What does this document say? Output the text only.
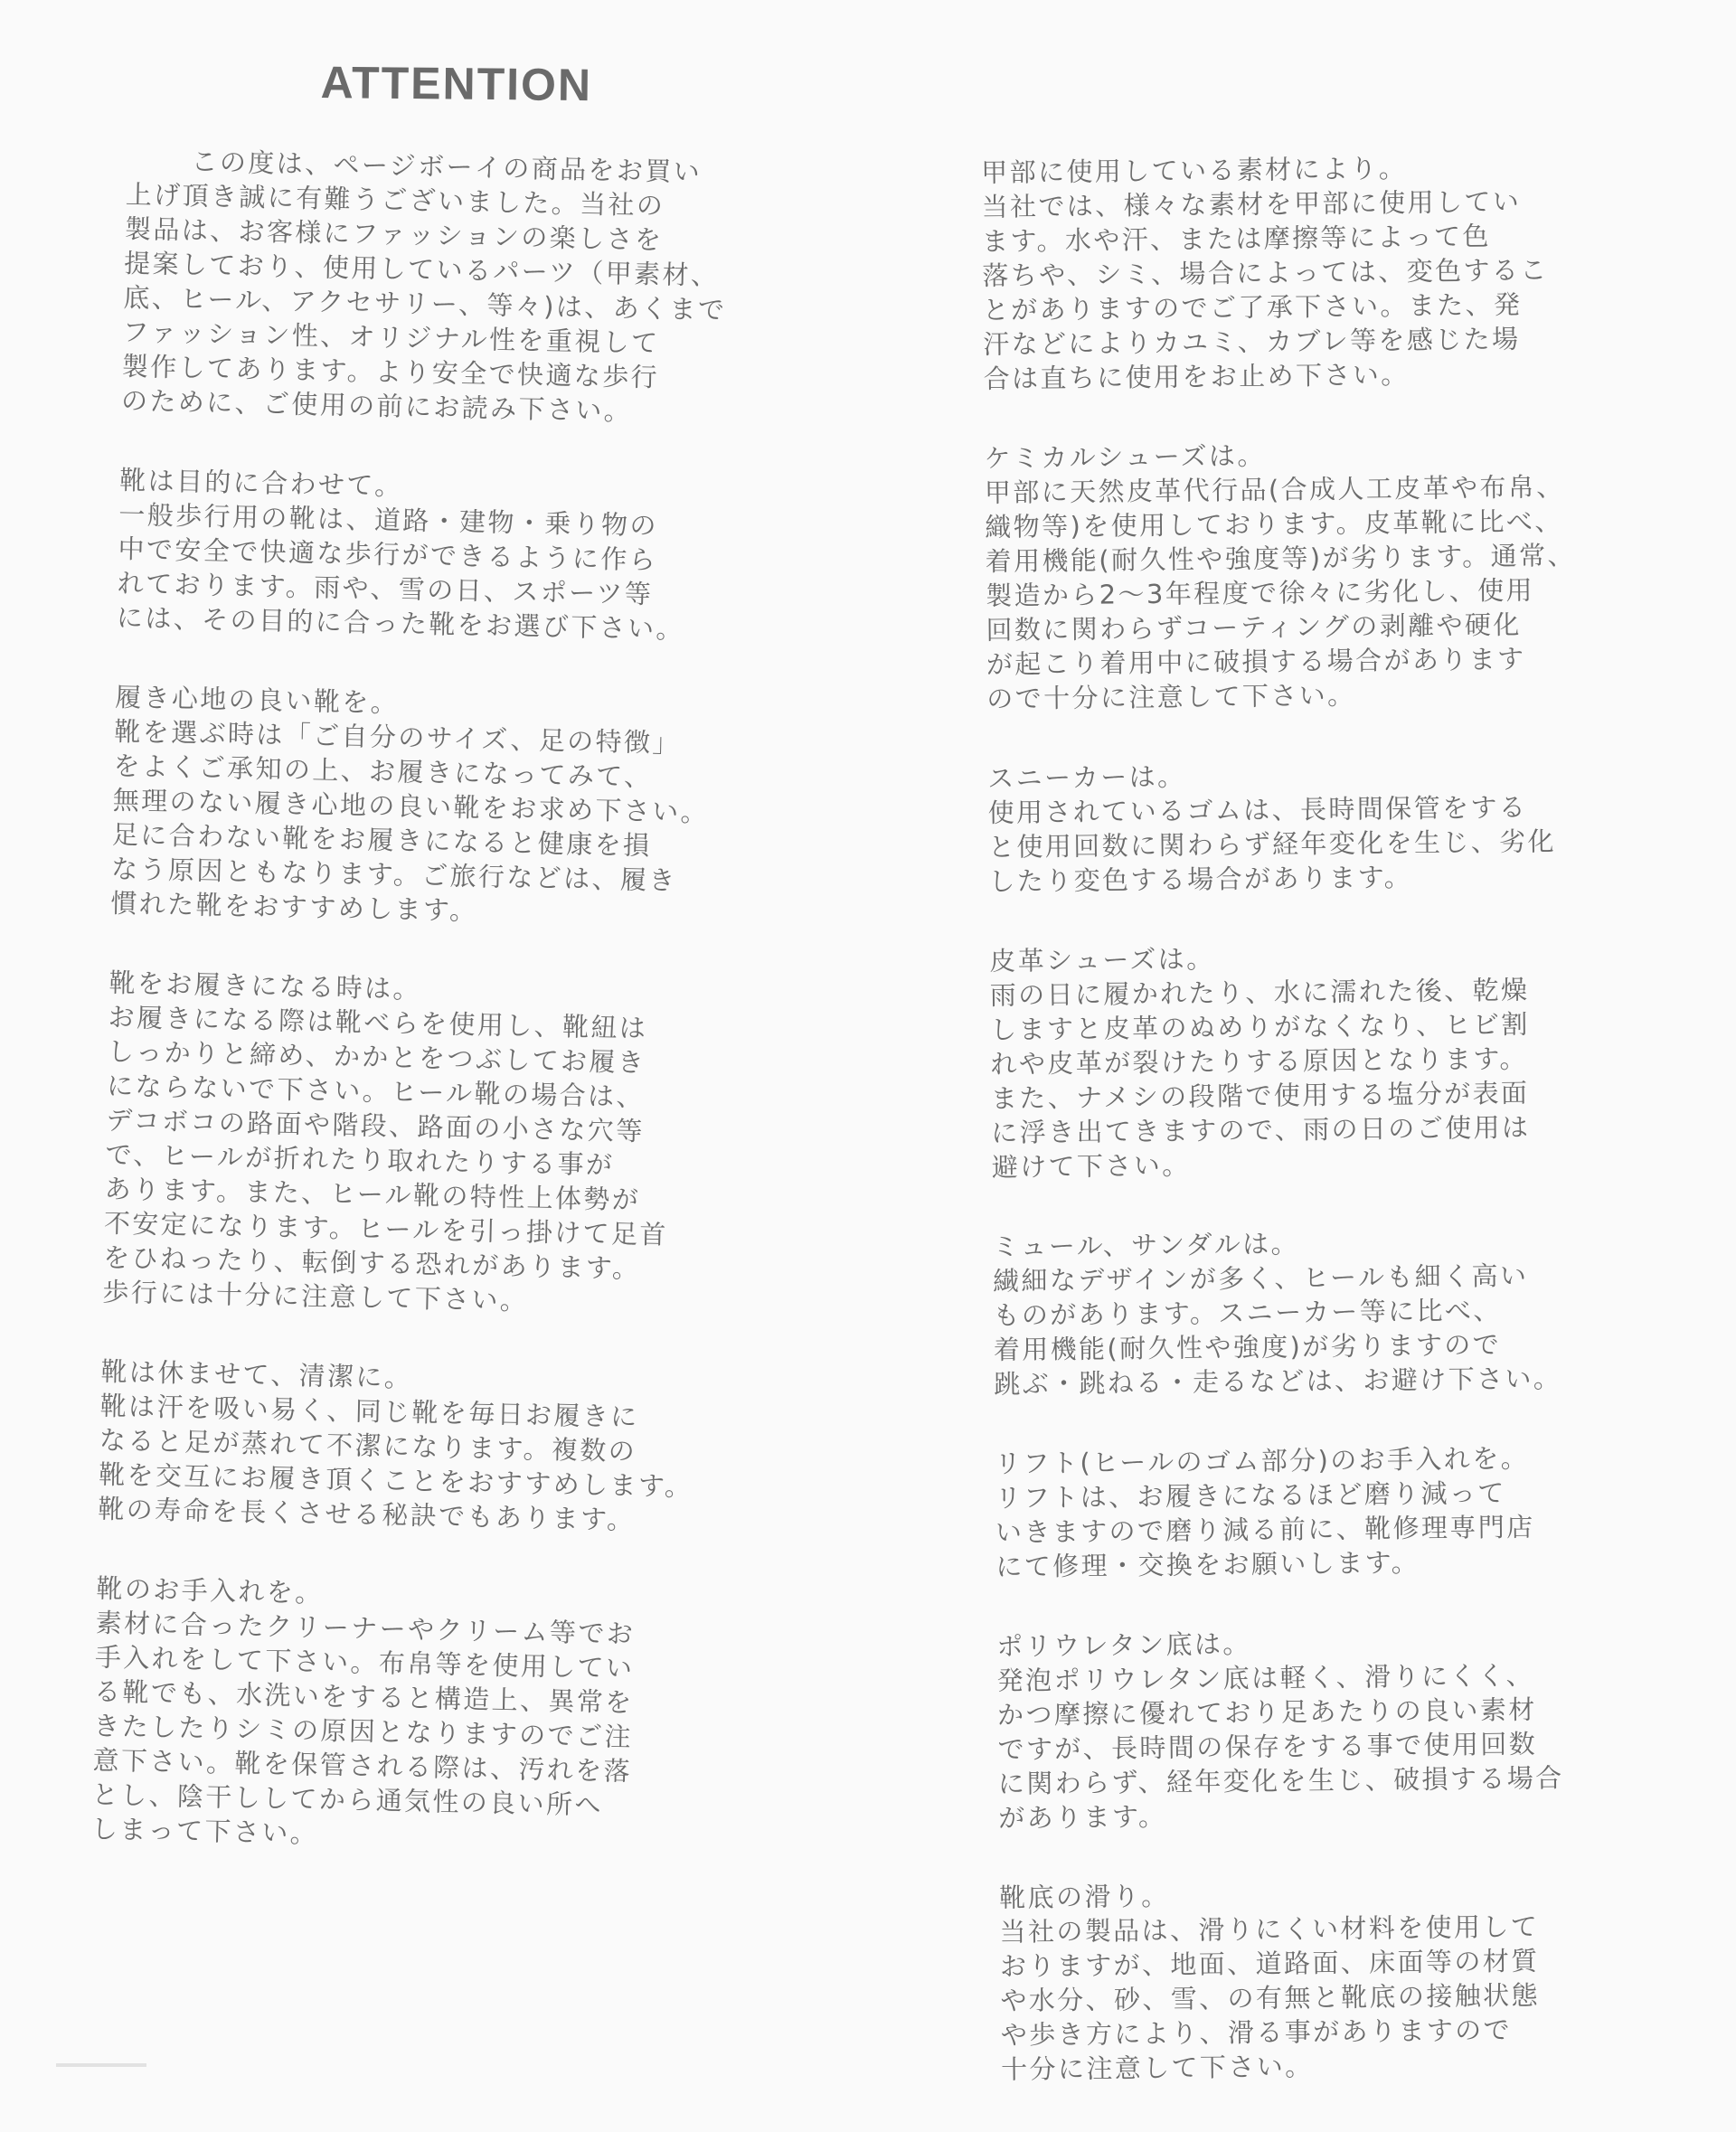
ATTENTION
この度は、ページボーイの商品をお買い
上げ頂き誠に有難うございました。当社の
製品は、お客様にファッションの楽しさを
提案しており、使用しているパーツ（甲素材、
底、ヒール、アクセサリー、等々)は、あくまで
ファッション性、オリジナル性を重視して
製作してあります。より安全で快適な歩行
のために、ご使用の前にお読み下さい。
靴は目的に合わせて。
一般歩行用の靴は、道路・建物・乗り物の
中で安全で快適な歩行ができるように作ら
れております。雨や、雪の日、スポーツ等
には、その目的に合った靴をお選び下さい。
履き心地の良い靴を。
靴を選ぶ時は「ご自分のサイズ、足の特徴」
をよくご承知の上、お履きになってみて、
無理のない履き心地の良い靴をお求め下さい。
足に合わない靴をお履きになると健康を損
なう原因ともなります。ご旅行などは、履き
慣れた靴をおすすめします。
靴をお履きになる時は。
お履きになる際は靴べらを使用し、靴紐は
しっかりと締め、かかとをつぶしてお履き
にならないで下さい。ヒール靴の場合は、
デコボコの路面や階段、路面の小さな穴等
で、ヒールが折れたり取れたりする事が
あります。また、ヒール靴の特性上体勢が
不安定になります。ヒールを引っ掛けて足首
をひねったり、転倒する恐れがあります。
歩行には十分に注意して下さい。
靴は休ませて、清潔に。
靴は汗を吸い易く、同じ靴を毎日お履きに
なると足が蒸れて不潔になります。複数の
靴を交互にお履き頂くことをおすすめします。
靴の寿命を長くさせる秘訣でもあります。
靴のお手入れを。
素材に合ったクリーナーやクリーム等でお
手入れをして下さい。布帛等を使用してい
る靴でも、水洗いをすると構造上、異常を
きたしたりシミの原因となりますのでご注
意下さい。靴を保管される際は、汚れを落
とし、陰干ししてから通気性の良い所へ
しまって下さい。
甲部に使用している素材により。
当社では、様々な素材を甲部に使用してい
ます。水や汗、または摩擦等によって色
落ちや、シミ、場合によっては、変色するこ
とがありますのでご了承下さい。また、発
汗などによりカユミ、カブレ等を感じた場
合は直ちに使用をお止め下さい。
ケミカルシューズは。
甲部に天然皮革代行品(合成人工皮革や布帛、
織物等)を使用しております。皮革靴に比べ、
着用機能(耐久性や強度等)が劣ります。通常、
製造から2〜3年程度で徐々に劣化し、使用
回数に関わらずコーティングの剥離や硬化
が起こり着用中に破損する場合があります
ので十分に注意して下さい。
スニーカーは。
使用されているゴムは、長時間保管をする
と使用回数に関わらず経年変化を生じ、劣化
したり変色する場合があります。
皮革シューズは。
雨の日に履かれたり、水に濡れた後、乾燥
しますと皮革のぬめりがなくなり、ヒビ割
れや皮革が裂けたりする原因となります。
また、ナメシの段階で使用する塩分が表面
に浮き出てきますので、雨の日のご使用は
避けて下さい。
ミュール、サンダルは。
繊細なデザインが多く、ヒールも細く高い
ものがあります。スニーカー等に比べ、
着用機能(耐久性や強度)が劣りますので
跳ぶ・跳ねる・走るなどは、お避け下さい。
リフト(ヒールのゴム部分)のお手入れを。
リフトは、お履きになるほど磨り減って
いきますので磨り減る前に、靴修理専門店
にて修理・交換をお願いします。
ポリウレタン底は。
発泡ポリウレタン底は軽く、滑りにくく、
かつ摩擦に優れており足あたりの良い素材
ですが、長時間の保存をする事で使用回数
に関わらず、経年変化を生じ、破損する場合
があります。
靴底の滑り。
当社の製品は、滑りにくい材料を使用して
おりますが、地面、道路面、床面等の材質
や水分、砂、雪、の有無と靴底の接触状態
や歩き方により、滑る事がありますので
十分に注意して下さい。
